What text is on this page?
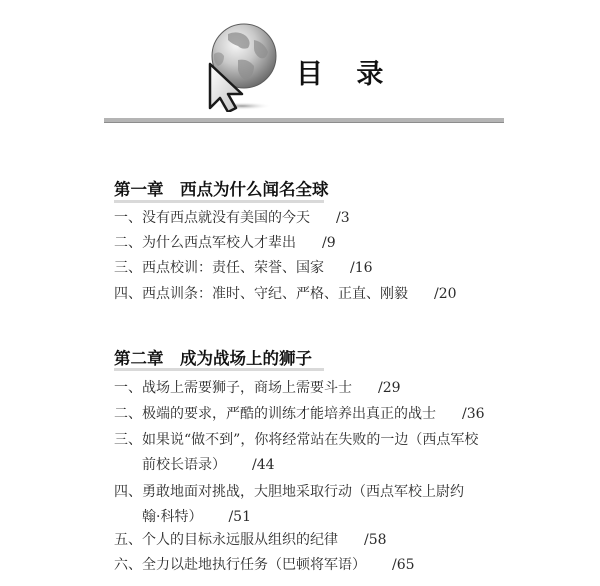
目 录
第一章　西点为什么闻名全球
一、没有西点就没有美国的今天 /3
二、为什么西点军校人才辈出 /9
三、西点校训：责任、荣誉、国家 /16
四、西点训条：准时、守纪、严格、正直、刚毅 /20
第二章　成为战场上的狮子
一、战场上需要狮子，商场上需要斗士 /29
二、极端的要求，严酷的训练才能培养出真正的战士 /36
三、如果说“做不到”，你将经常站在失败的一边（西点军校
前校长语录） /44
四、勇敢地面对挑战，大胆地采取行动（西点军校上尉约
翰·科特） /51
五、个人的目标永远服从组织的纪律 /58
六、全力以赴地执行任务（巴顿将军语） /65
